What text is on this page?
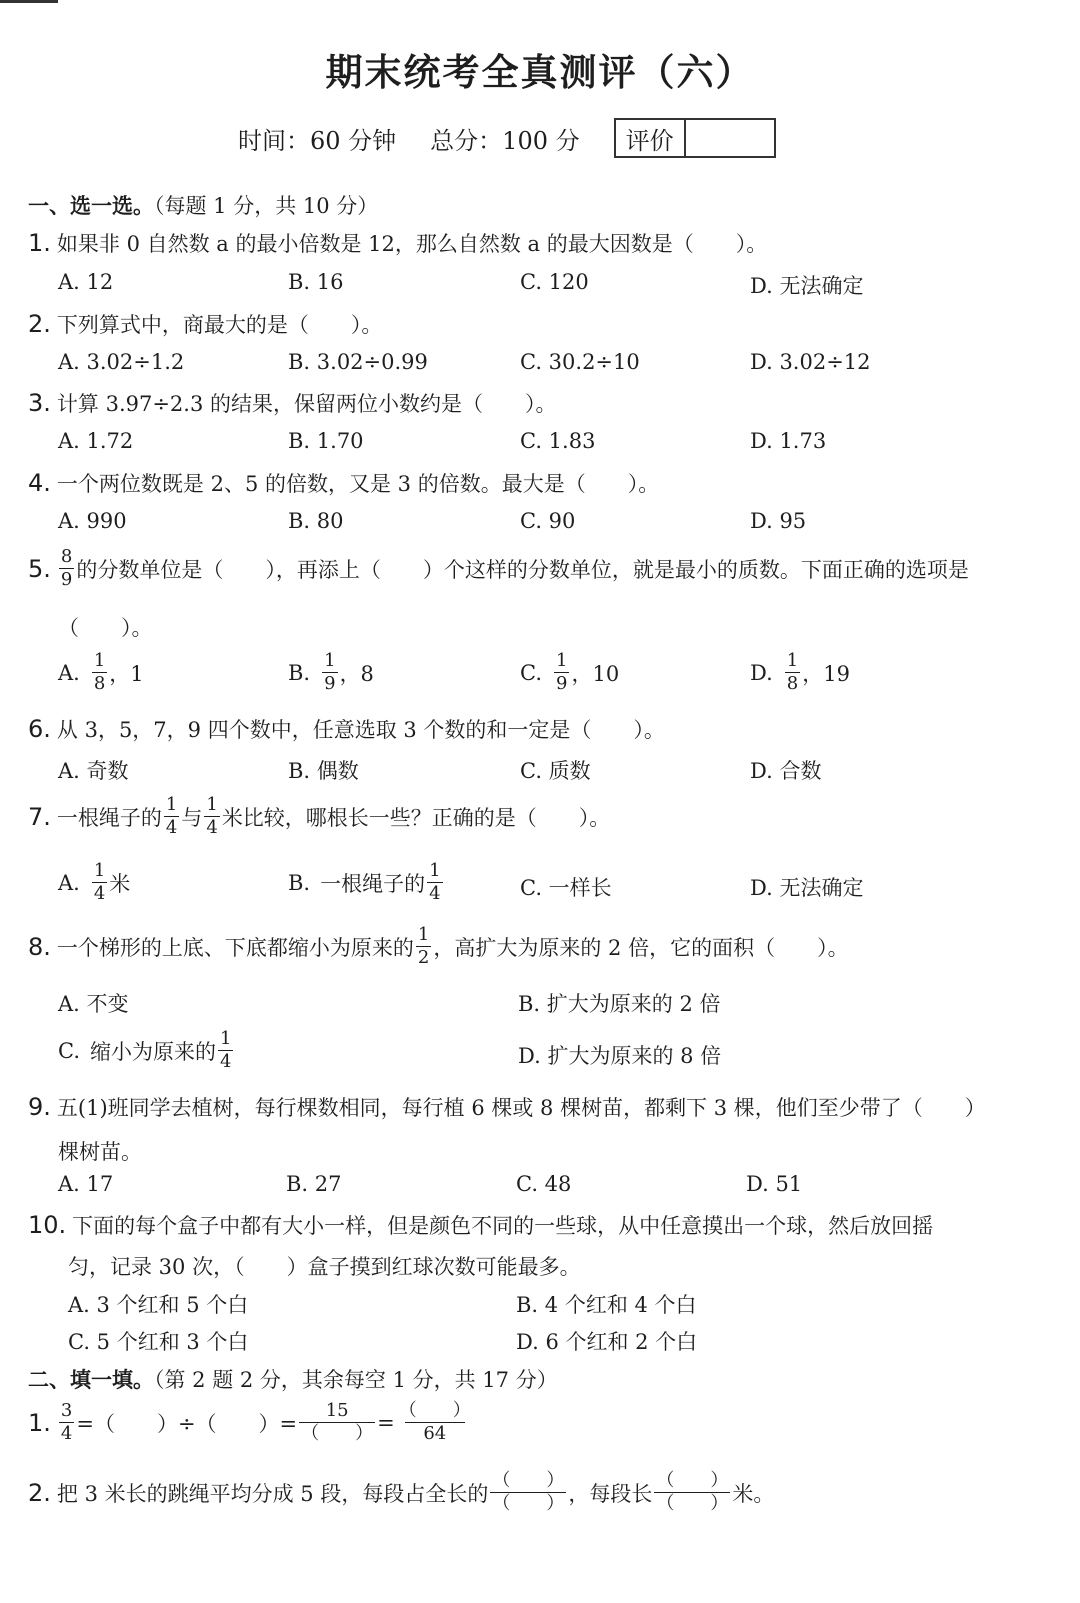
期末统考全真测评（六）
时间：60 分钟 总分：100 分	评价
一、选一选。（每题 1 分，共 10 分）
1. 如果非 0 自然数 a 的最小倍数是 12，那么自然数 a 的最大因数是（　　）。
A. 12	B. 16	C. 120	D. 无法确定
2. 下列算式中，商最大的是（　　）。
A. 3.02÷1.2	B. 3.02÷0.99	C. 30.2÷10	D. 3.02÷12
3. 计算 3.97÷2.3 的结果，保留两位小数约是（　　）。
A. 1.72	B. 1.70	C. 1.83	D. 1.73
4. 一个两位数既是 2、5 的倍数，又是 3 的倍数。最大是（　　）。
A. 990	B. 80	C. 90	D. 95
5. $\frac{8}{9}$ 的分数单位是（　　），再添上（　　）个这样的分数单位，就是最小的质数。下面正确的选项是
（　　）。
A. $\frac{1}{8}$ ，1	B. $\frac{1}{9}$ ，8	C. $\frac{1}{9}$ ，10	D. $\frac{1}{8}$ ，19
6. 从 3，5，7，9 四个数中，任意选取 3 个数的和一定是（　　）。
A. 奇数	B. 偶数	C. 质数	D. 合数
7. 一根绳子的 $\frac{1}{4}$ 与 $\frac{1}{4}$ 米比较，哪根长一些？正确的是（　　）。
A. $\frac{1}{4}$ 米	B. 一根绳子的 $\frac{1}{4}$	C. 一样长	D. 无法确定
8. 一个梯形的上底、下底都缩小为原来的 $\frac{1}{2}$ ，高扩大为原来的 2 倍，它的面积（　　）。
A. 不变	B. 扩大为原来的 2 倍
C. 缩小为原来的 $\frac{1}{4}$	D. 扩大为原来的 8 倍
9. 五(1)班同学去植树，每行棵数相同，每行植 6 棵或 8 棵树苗，都剩下 3 棵，他们至少带了（　　）
棵树苗。
A. 17	B. 27	C. 48	D. 51
10. 下面的每个盒子中都有大小一样，但是颜色不同的一些球，从中任意摸出一个球，然后放回摇
匀，记录 30 次，（　　）盒子摸到红球次数可能最多。
A. 3 个红和 5 个白	B. 4 个红和 4 个白
C. 5 个红和 3 个白	D. 6 个红和 2 个白
二、填一填。（第 2 题 2 分，其余每空 1 分，共 17 分）
1. $\frac{3}{4}$ =（　　）÷（　　）= $\frac{15}{( )} = \frac{( )}{64}$
2. 把 3 米长的跳绳平均分成 5 段，每段占全长的 $\frac{( )}{( )}$ ，每段长 $\frac{( )}{( )}$ 米。
